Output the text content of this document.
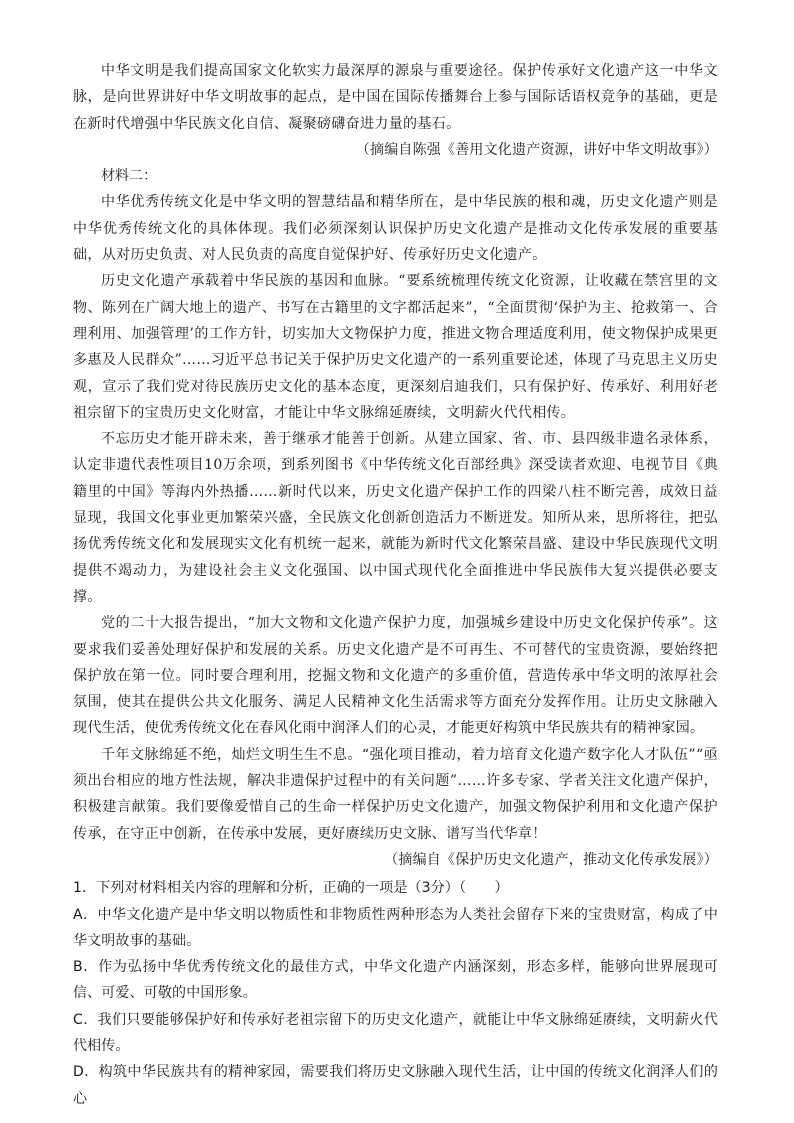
中华文明是我们提高国家文化软实力最深厚的源泉与重要途径。保护传承好文化遗产这一中华文脉，是向世界讲好中华文明故事的起点，是中国在国际传播舞台上参与国际话语权竞争的基础，更是在新时代增强中华民族文化自信、凝聚磅礴奋进力量的基石。

（摘编自陈强《善用文化遗产资源，讲好中华文明故事》）

材料二：

中华优秀传统文化是中华文明的智慧结晶和精华所在，是中华民族的根和魂，历史文化遗产则是中华优秀传统文化的具体体现。我们必须深刻认识保护历史文化遗产是推动文化传承发展的重要基础，从对历史负责、对人民负责的高度自觉保护好、传承好历史文化遗产。

历史文化遗产承载着中华民族的基因和血脉。“要系统梳理传统文化资源，让收藏在禁宫里的文物、陈列在广阔大地上的遗产、书写在古籍里的文字都活起来”，“全面贯彻‘保护为主、抢救第一、合理利用、加强管理’的工作方针，切实加大文物保护力度，推进文物合理适度利用，使文物保护成果更多惠及人民群众”……习近平总书记关于保护历史文化遗产的一系列重要论述，体现了马克思主义历史观，宣示了我们党对待民族历史文化的基本态度，更深刻启迪我们，只有保护好、传承好、利用好老祖宗留下的宝贵历史文化财富，才能让中华文脉绵延赓续，文明薪火代代相传。

不忘历史才能开辟未来，善于继承才能善于创新。从建立国家、省、市、县四级非遗名录体系，认定非遗代表性项目10万余项，到系列图书《中华传统文化百部经典》深受读者欢迎、电视节目《典籍里的中国》等海内外热播……新时代以来，历史文化遗产保护工作的四梁八柱不断完善，成效日益显现，我国文化事业更加繁荣兴盛，全民族文化创新创造活力不断迸发。知所从来，思所将往，把弘扬优秀传统文化和发展现实文化有机统一起来，就能为新时代文化繁荣昌盛、建设中华民族现代文明提供不竭动力，为建设社会主义文化强国、以中国式现代化全面推进中华民族伟大复兴提供必要支撑。

党的二十大报告提出，“加大文物和文化遗产保护力度，加强城乡建设中历史文化保护传承”。这要求我们妥善处理好保护和发展的关系。历史文化遗产是不可再生、不可替代的宝贵资源，要始终把保护放在第一位。同时要合理利用，挖掘文物和文化遗产的多重价值，营造传承中华文明的浓厚社会氛围，使其在提供公共文化服务、满足人民精神文化生活需求等方面充分发挥作用。让历史文脉融入现代生活，使优秀传统文化在春风化雨中润泽人们的心灵，才能更好构筑中华民族共有的精神家园。

千年文脉绵延不绝，灿烂文明生生不息。“强化项目推动，着力培育文化遗产数字化人才队伍”“亟须出台相应的地方性法规，解决非遗保护过程中的有关问题”……许多专家、学者关注文化遗产保护，积极建言献策。我们要像爱惜自己的生命一样保护历史文化遗产，加强文物保护利用和文化遗产保护传承，在守正中创新，在传承中发展，更好赓续历史文脉、谱写当代华章！

（摘编自《保护历史文化遗产，推动文化传承发展》）

1．下列对材料相关内容的理解和分析，正确的一项是（3分）（　　）

A．中华文化遗产是中华文明以物质性和非物质性两种形态为人类社会留存下来的宝贵财富，构成了中华文明故事的基础。

B．作为弘扬中华优秀传统文化的最佳方式，中华文化遗产内涵深刻，形态多样，能够向世界展现可信、可爱、可敬的中国形象。

C．我们只要能够保护好和传承好老祖宗留下的历史文化遗产，就能让中华文脉绵延赓续，文明薪火代代相传。

D．构筑中华民族共有的精神家园，需要我们将历史文脉融入现代生活，让中国的传统文化润泽人们的心
